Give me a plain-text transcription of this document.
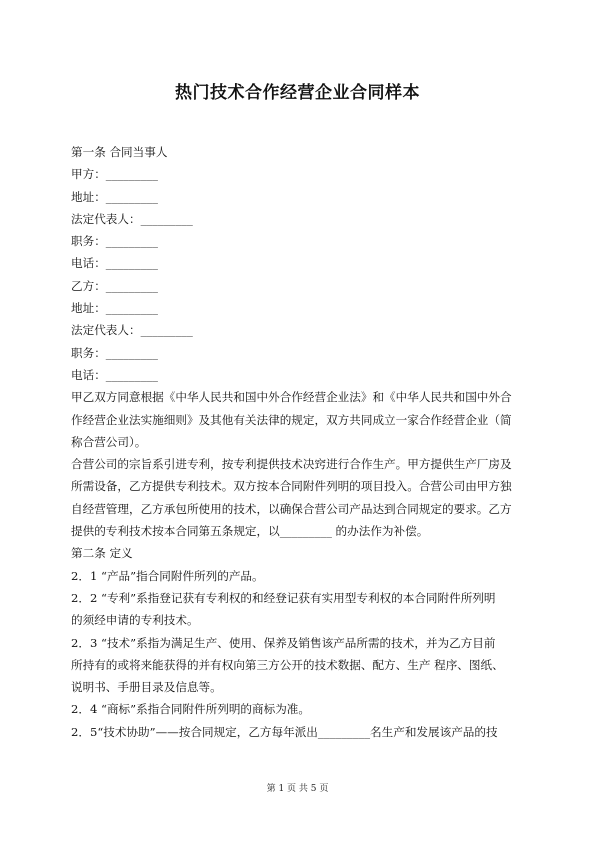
热门技术合作经营企业合同样本
第一条 合同当事人
甲方：_________
地址：_________
法定代表人：_________
职务：_________
电话：_________
乙方：_________
地址：_________
法定代表人：_________
职务：_________
电话：_________
甲乙双方同意根据《中华人民共和国中外合作经营企业法》和《中华人民共和国中外合
作经营企业法实施细则》及其他有关法律的规定，双方共同成立一家合作经营企业（简
称合营公司）。
合营公司的宗旨系引进专利，按专利提供技术决窍进行合作生产。甲方提供生产厂房及
所需设备，乙方提供专利技术。双方按本合同附件列明的项目投入。合营公司由甲方独
自经营管理，乙方承包所使用的技术，以确保合营公司产品达到合同规定的要求。乙方
提供的专利技术按本合同第五条规定，以_________ 的办法作为补偿。
第二条 定义
2．1 “产品”指合同附件所列的产品。
2．2 “专利”系指登记获有专利权的和经登记获有实用型专利权的本合同附件所列明
的须经申请的专利技术。
2．3 “技术”系指为满足生产、使用、保养及销售该产品所需的技术，并为乙方目前
所持有的或将来能获得的并有权向第三方公开的技术数据、配方、生产 程序、图纸、
说明书、手册目录及信息等。
2．4 “商标”系指合同附件所列明的商标为准。
2．5“技术协助”——按合同规定，乙方每年派出_________名生产和发展该产品的技
第 1 页 共 5 页
